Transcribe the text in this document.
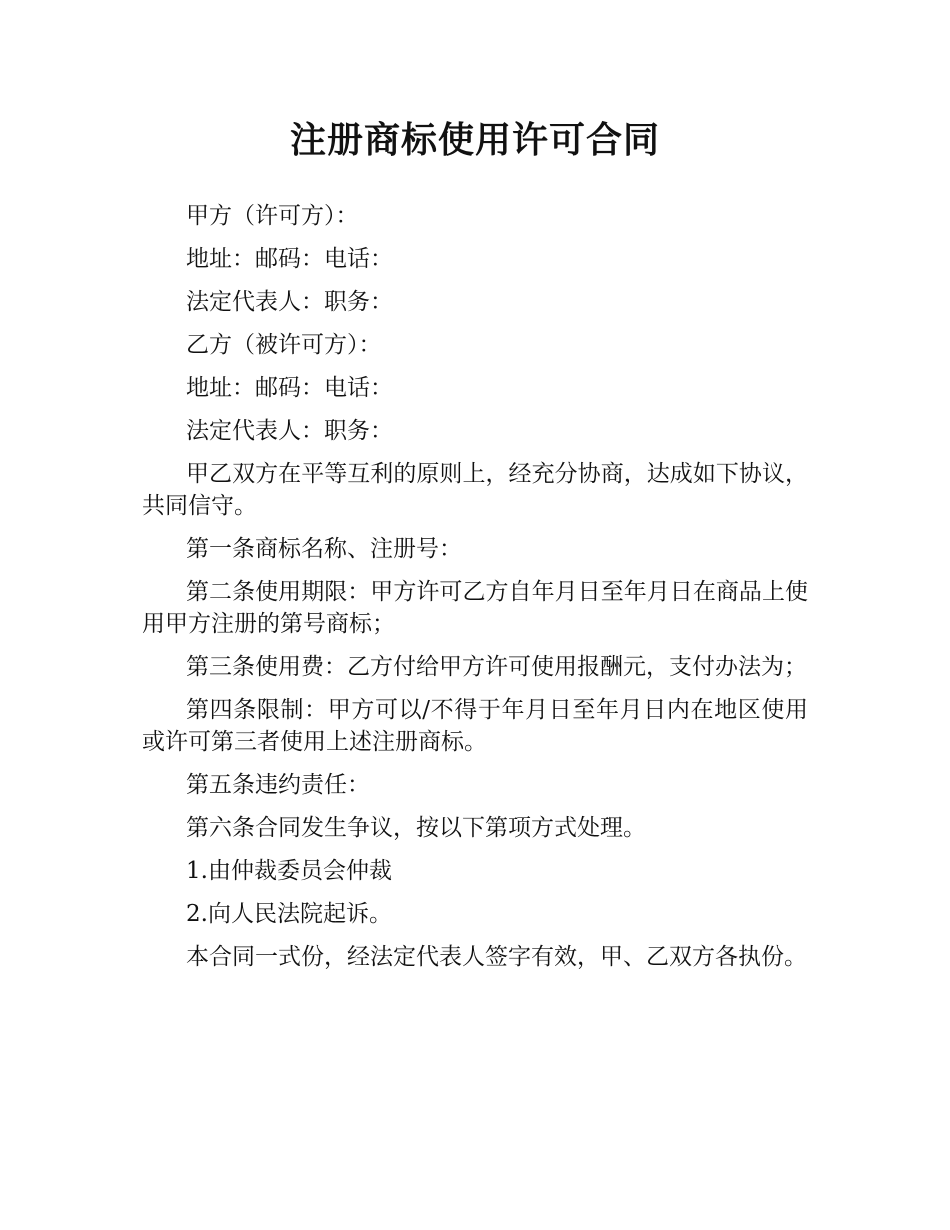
注册商标使用许可合同

甲方（许可方）：

地址：邮码：电话：

法定代表人：职务：

乙方（被许可方）：

地址：邮码：电话：

法定代表人：职务：

甲乙双方在平等互利的原则上，经充分协商，达成如下协议，共同信守。

第一条商标名称、注册号：

第二条使用期限：甲方许可乙方自年月日至年月日在商品上使用甲方注册的第号商标；

第三条使用费：乙方付给甲方许可使用报酬元，支付办法为；

第四条限制：甲方可以/不得于年月日至年月日内在地区使用或许可第三者使用上述注册商标。

第五条违约责任：

第六条合同发生争议，按以下第项方式处理。

1.由仲裁委员会仲裁

2.向人民法院起诉。

本合同一式份，经法定代表人签字有效，甲、乙双方各执份。
